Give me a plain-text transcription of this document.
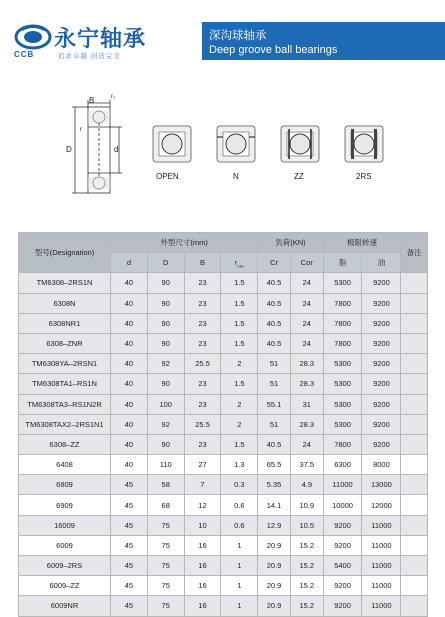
永宁轴承
CCB	追求卓越 创造完美
深沟球轴承
Deep groove ball bearings
B	r₁
r
D	d
OPEN	N	ZZ	2RS
型号(Designation)	外型尺寸(mm)				负荷(KN)		极限转速		备注
	d	D	B	$r_{min}$	Cr	Cor	脂	油	
TM6308–2RS1N	40	90	23	1.5	40.5	24	5300	9200	
6308N	40	90	23	1.5	40.5	24	7800	9200	
6308NR1	40	90	23	1.5	40.5	24	7800	9200	
6308–ZNR	40	90	23	1.5	40.5	24	7800	9200	
TM6308YA–2RSN1	40	92	25.5	2	51	28.3	5300	9200	
TM6308TA1–RS1N	40	90	23	1.5	51	28.3	5300	9200	
TM6308TA3–RS1N2R	40	100	23	2	55.1	31	5300	9200	
TM6308TAX2–2RS1N1	40	92	25.5	2	51	28.3	5300	9200	
6308–ZZ	40	90	23	1.5	40.5	24	7800	9200	
6408	40	110	27	1.3	65.5	37.5	6300	8000	
6809	45	58	7	0.3	5.35	4.9	11000	13000	
6909	45	68	12	0.6	14.1	10.9	10000	12000	
16009	45	75	10	0.6	12.9	10.5	9200	11000	
6009	45	75	16	1	20.9	15.2	9200	11000	
6009–2RS	45	75	16	1	20.9	15.2	5400	11000	
6009–ZZ	45	75	16	1	20.9	15.2	9200	11000	
6009NR	45	75	16	1	20.9	15.2	9200	11000	
